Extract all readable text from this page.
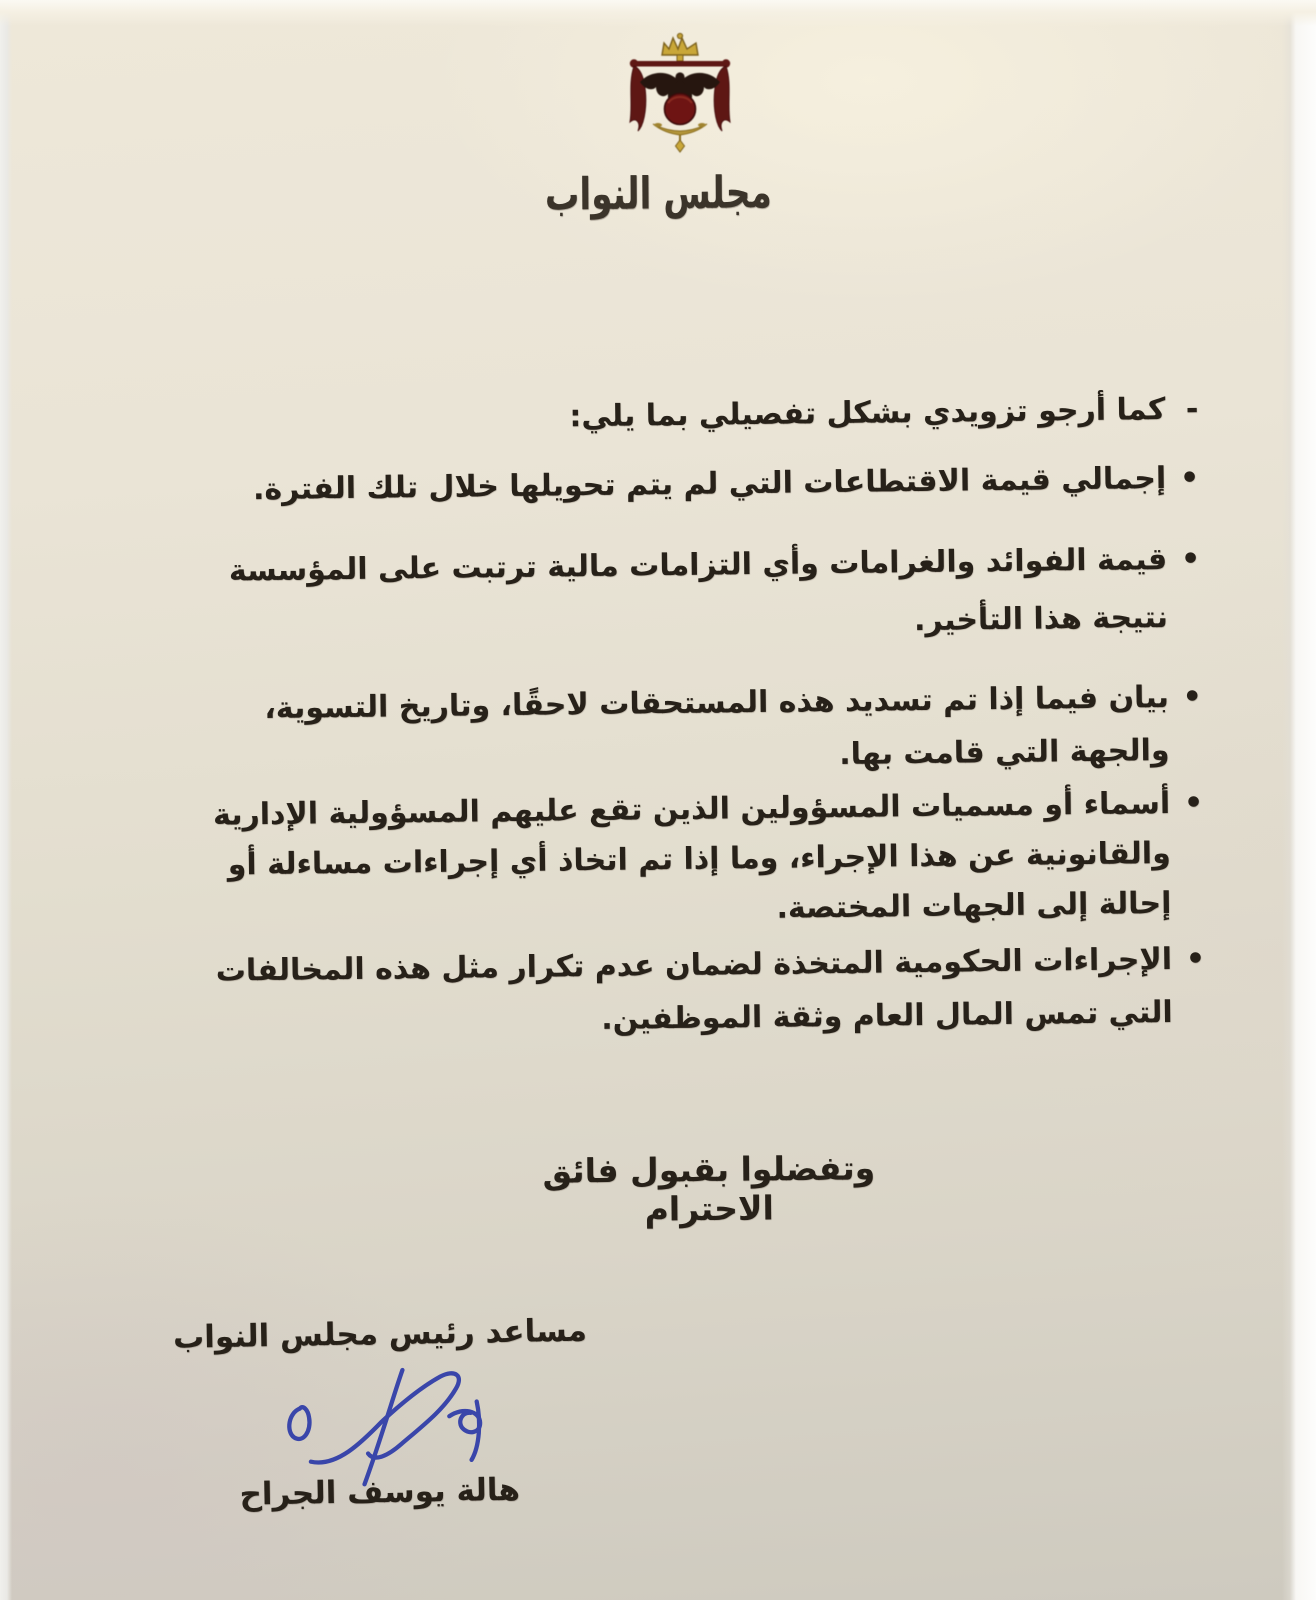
مجلس النواب
-
كما أرجو تزويدي بشكل تفصيلي بما يلي:
•
إجمالي قيمة الاقتطاعات التي لم يتم تحويلها خلال تلك الفترة.
•
قيمة الفوائد والغرامات وأي التزامات مالية ترتبت على المؤسسة نتيجة هذا التأخير.
•
بيان فيما إذا تم تسديد هذه المستحقات لاحقًا، وتاريخ التسوية، والجهة التي قامت بها.
•
أسماء أو مسميات المسؤولين الذين تقع عليهم المسؤولية الإدارية والقانونية عن هذا الإجراء، وما إذا تم اتخاذ أي إجراءات مساءلة أو إحالة إلى الجهات المختصة.
•
الإجراءات الحكومية المتخذة لضمان عدم تكرار مثل هذه المخالفات التي تمس المال العام وثقة الموظفين.
وتفضلوا بقبول فائق الاحترام
مساعد رئيس مجلس النواب
هالة يوسف الجراح
